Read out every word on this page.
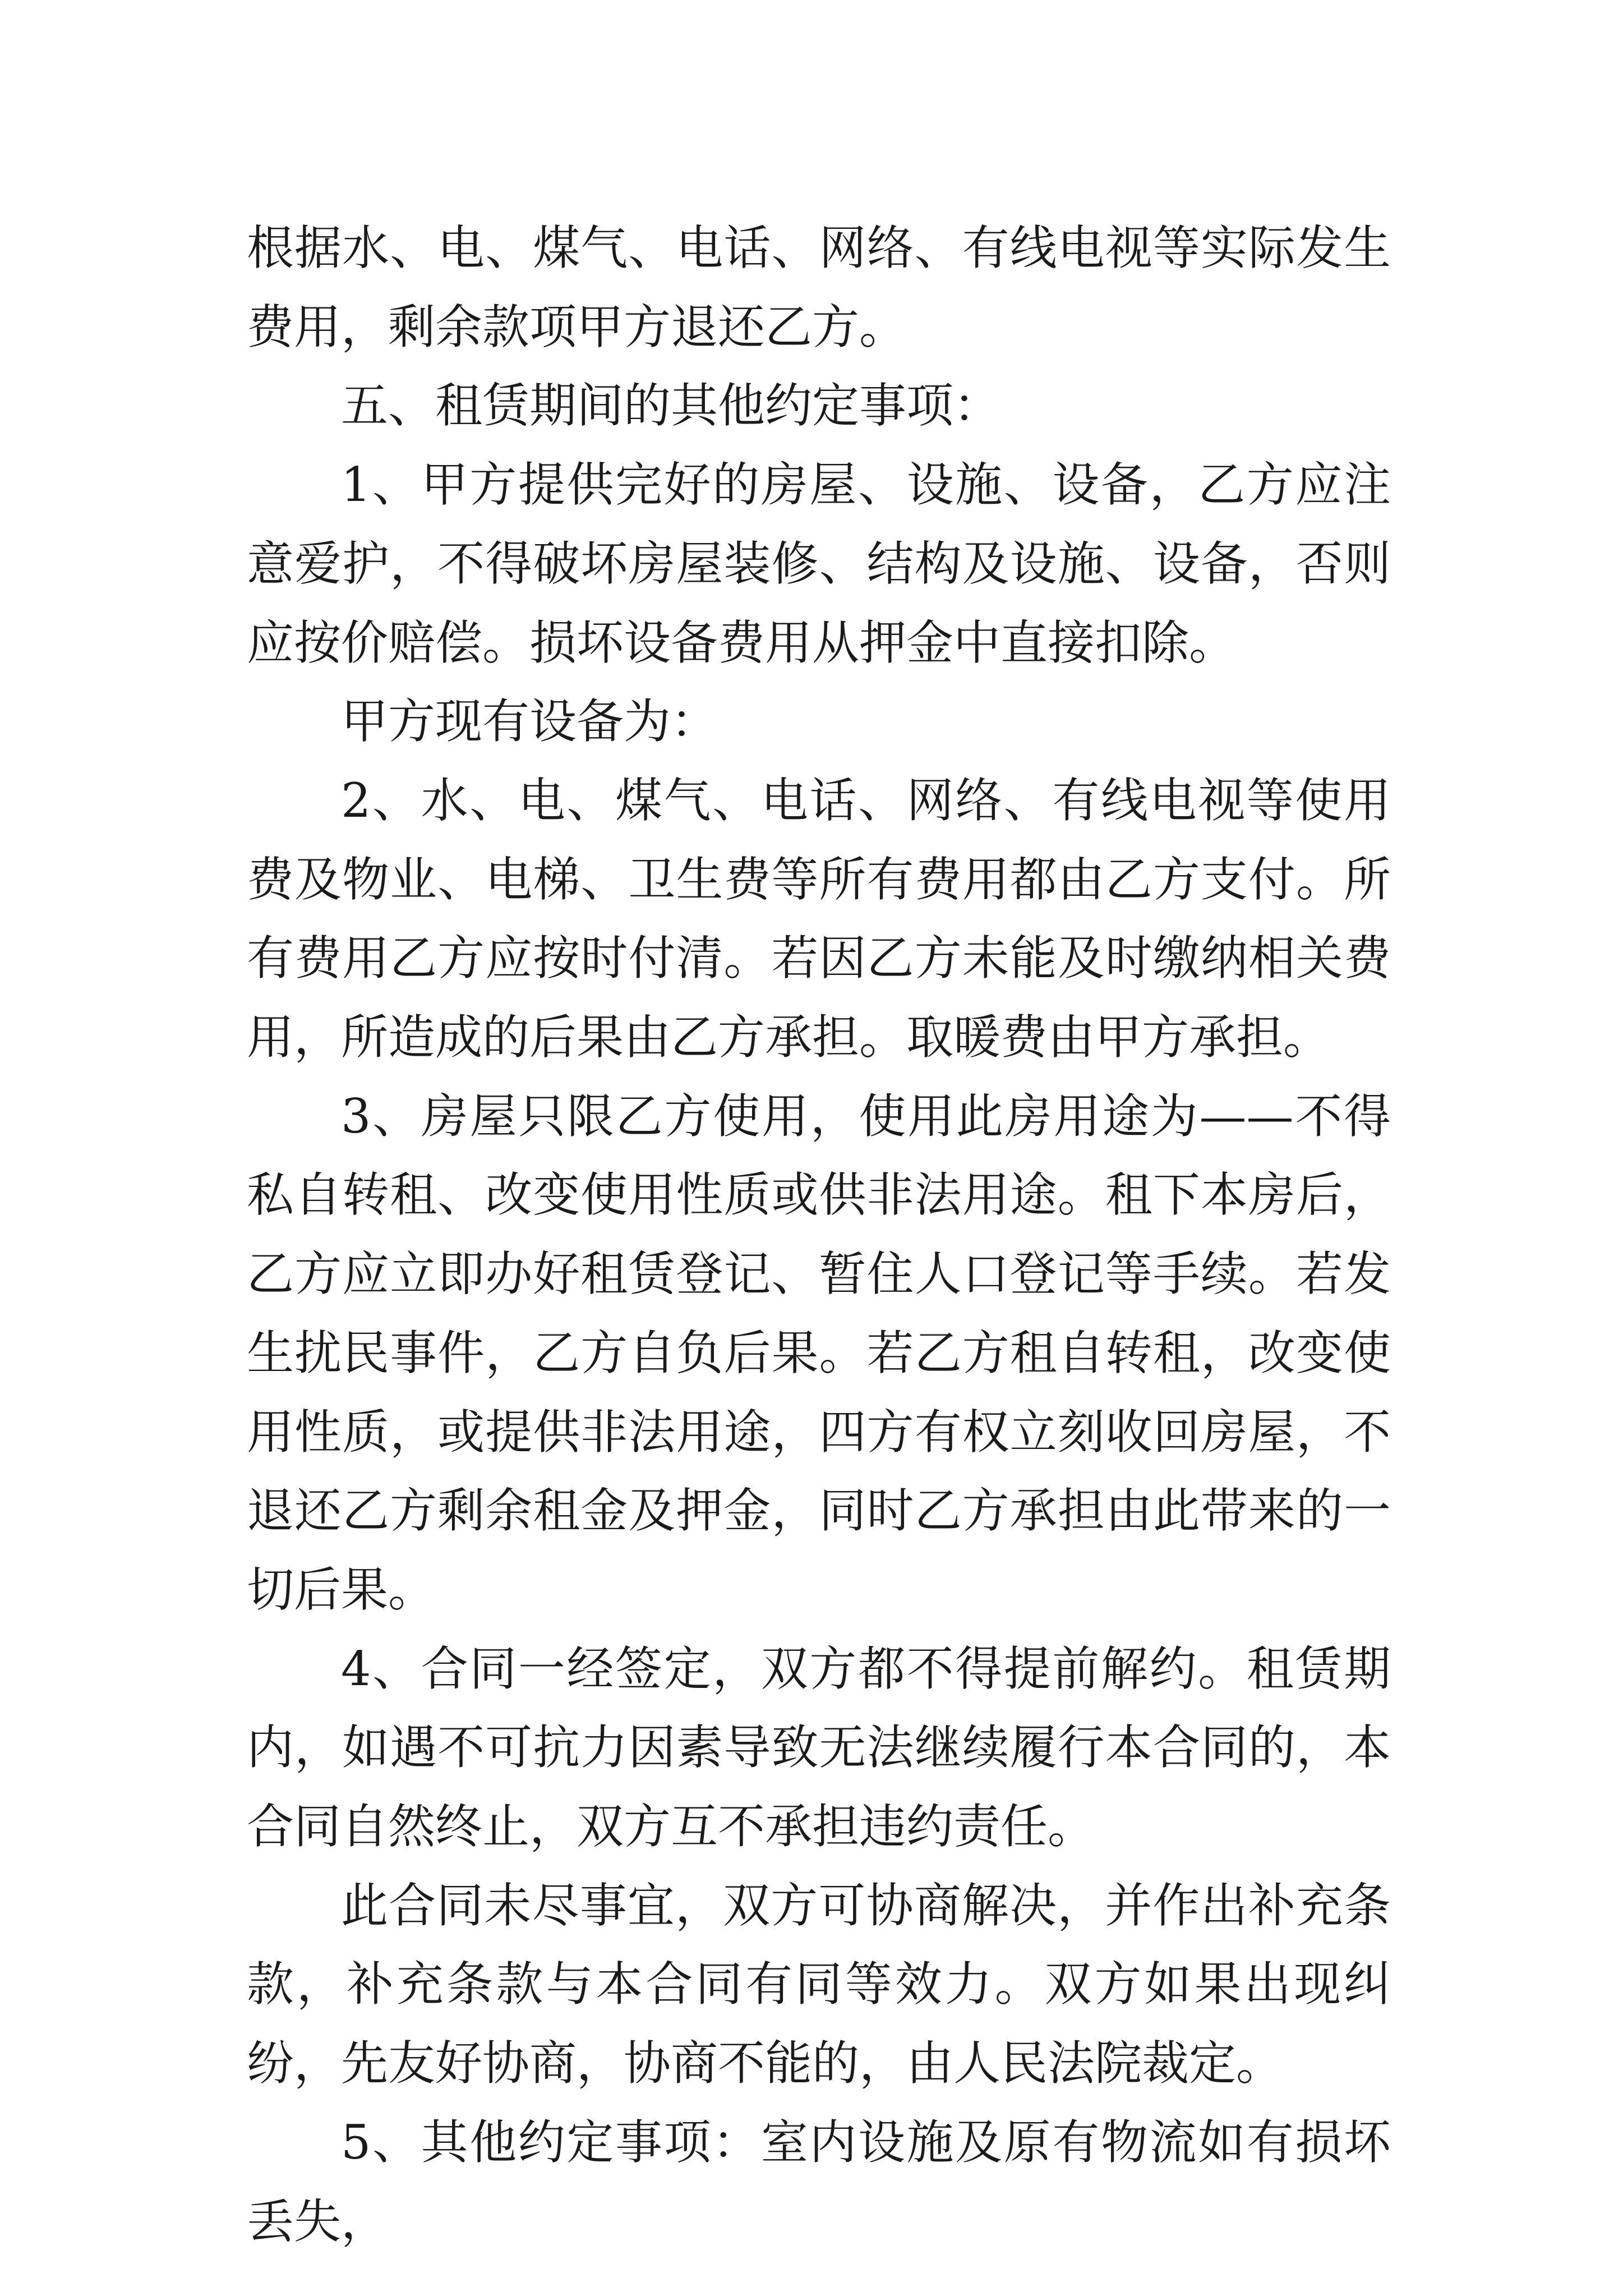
根据水、电、煤气、电话、网络、有线电视等实际发生费用，剩余款项甲方退还乙方。

五、租赁期间的其他约定事项：

1、甲方提供完好的房屋、设施、设备，乙方应注意爱护，不得破坏房屋装修、结构及设施、设备，否则应按价赔偿。损坏设备费用从押金中直接扣除。

甲方现有设备为：

2、水、电、煤气、电话、网络、有线电视等使用费及物业、电梯、卫生费等所有费用都由乙方支付。所有费用乙方应按时付清。若因乙方未能及时缴纳相关费用，所造成的后果由乙方承担。取暖费由甲方承担。

3、房屋只限乙方使用，使用此房用途为——不得私自转租、改变使用性质或供非法用途。租下本房后，乙方应立即办好租赁登记、暂住人口登记等手续。若发生扰民事件，乙方自负后果。若乙方租自转租，改变使用性质，或提供非法用途，四方有权立刻收回房屋，不退还乙方剩余租金及押金，同时乙方承担由此带来的一切后果。

4、合同一经签定，双方都不得提前解约。租赁期内，如遇不可抗力因素导致无法继续履行本合同的，本合同自然终止，双方互不承担违约责任。

此合同未尽事宜，双方可协商解决，并作出补充条款，补充条款与本合同有同等效力。双方如果出现纠纷，先友好协商，协商不能的，由人民法院裁定。

5、其他约定事项：室内设施及原有物流如有损坏丢失，
